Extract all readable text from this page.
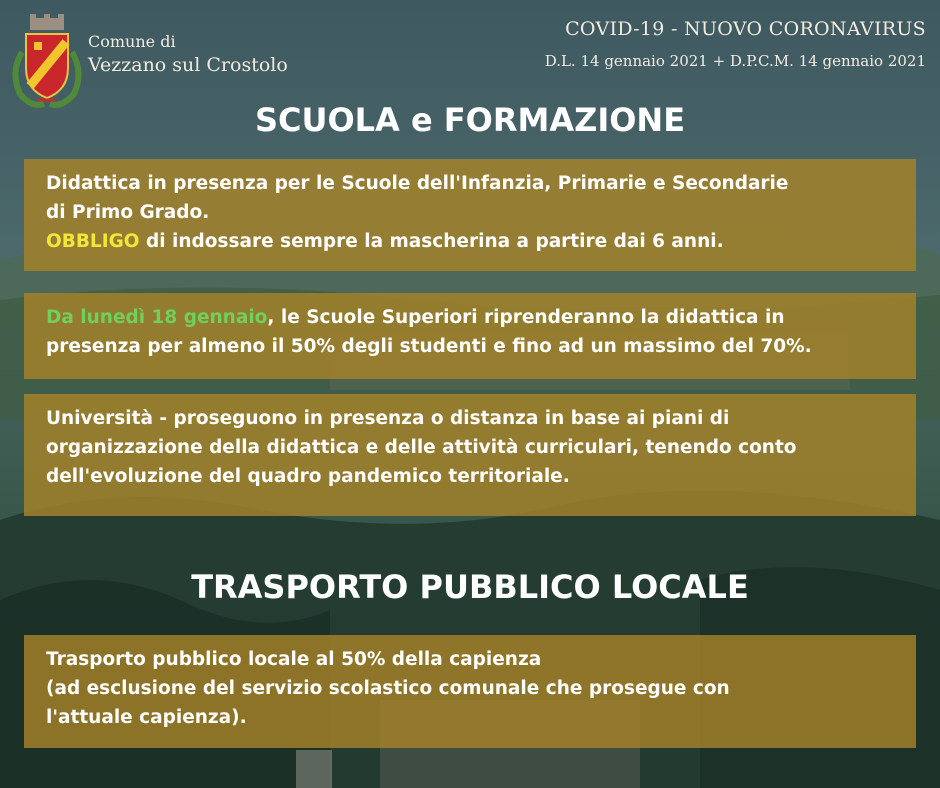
Comune di
Vezzano sul Crostolo
COVID-19 - NUOVO CORONAVIRUS
D.L. 14 gennaio 2021 + D.P.C.M. 14 gennaio 2021
SCUOLA e FORMAZIONE
Didattica in presenza per le Scuole dell'Infanzia, Primarie e Secondarie
di Primo Grado.
OBBLIGO di indossare sempre la mascherina a partire dai 6 anni.
Da lunedì 18 gennaio, le Scuole Superiori riprenderanno la didattica in
presenza per almeno il 50% degli studenti e fino ad un massimo del 70%.
Università - proseguono in presenza o distanza in base ai piani di
organizzazione della didattica e delle attività curriculari, tenendo conto
dell'evoluzione del quadro pandemico territoriale.
TRASPORTO PUBBLICO LOCALE
Trasporto pubblico locale al 50% della capienza
(ad esclusione del servizio scolastico comunale che prosegue con
l'attuale capienza).
